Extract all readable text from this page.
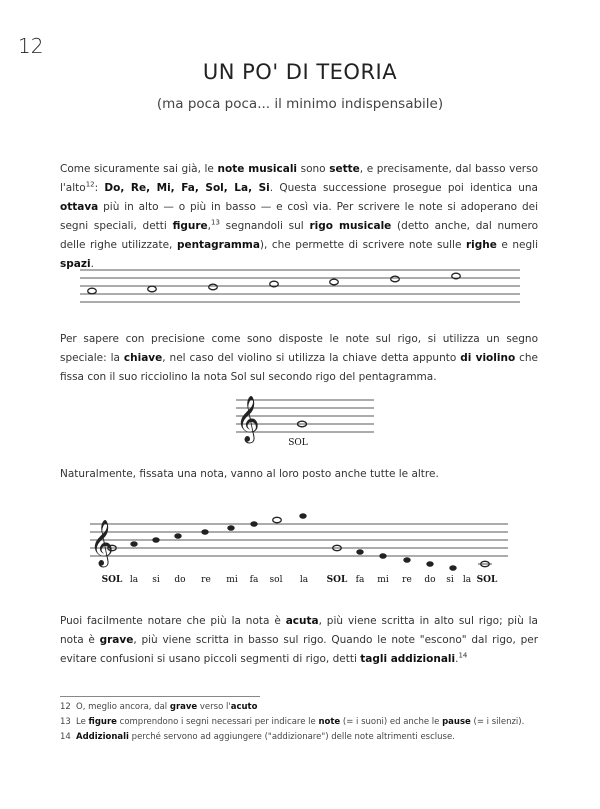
12
UN PO' DI TEORIA
(ma poca poca... il minimo indispensabile)
Come sicuramente sai già, le note musicali sono sette, e precisamente, dal basso verso l'alto$^{12}$: Do, Re, Mi, Fa, Sol, La, Si. Questa successione prosegue poi identica una ottava più in alto — o più in basso — e così via. Per scrivere le note si adoperano dei segni speciali, detti figure,$^{13}$ segnandoli sul rigo musicale (detto anche, dal numero delle righe utilizzate, pentagramma), che permette di scrivere note sulle righe e negli spazi.
Per sapere con precisione come sono disposte le note sul rigo, si utilizza un segno speciale: la chiave, nel caso del violino si utilizza la chiave detta appunto di violino che fissa con il suo ricciolino la nota Sol sul secondo rigo del pentagramma.
𝄞
SOL
Naturalmente, fissata una nota, vanno al loro posto anche tutte le altre.
𝄞
SOL la si do re mi fa sol la SOL fa mi re do si la SOL
Puoi facilmente notare che più la nota è acuta, più viene scritta in alto sul rigo; più la nota è grave, più viene scritta in basso sul rigo. Quando le note "escono" dal rigo, per evitare confusioni si usano piccoli segmenti di rigo, detti tagli addizionali.$^{14}$
12 O, meglio ancora, dal grave verso l'acuto
13 Le figure comprendono i segni necessari per indicare le note (= i suoni) ed anche le pause (= i silenzi).
14 Addizionali perché servono ad aggiungere ("addizionare") delle note altrimenti escluse.
